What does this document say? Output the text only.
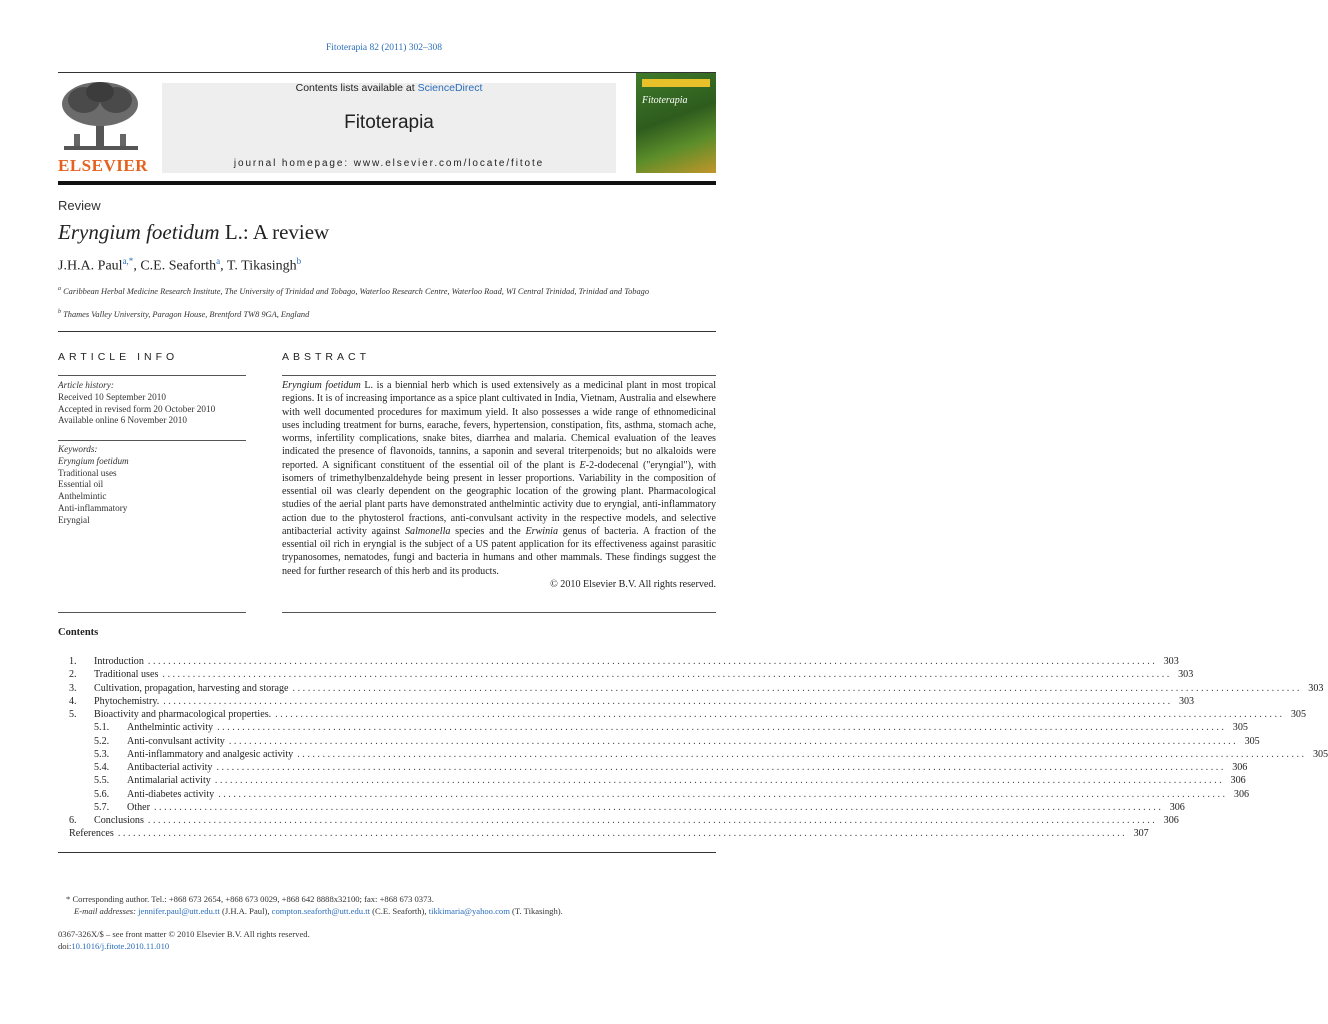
Fitoterapia 82 (2011) 302–308
ELSEVIER
Contents lists available at ScienceDirect
Fitoterapia
journal homepage: www.elsevier.com/locate/fitote
Fitoterapia
Review
Eryngium foetidum L.: A review
J.H.A. Paul$^{a,*}$, C.E. Seaforth$^a$, T. Tikasingh$^b$
$^a$ Caribbean Herbal Medicine Research Institute, The University of Trinidad and Tobago, Waterloo Research Centre, Waterloo Road, WI Central Trinidad, Trinidad and Tobago
$^b$ Thames Valley University, Paragon House, Brentford TW8 9GA, England
ARTICLE INFO
Article history:
Received 10 September 2010
Accepted in revised form 20 October 2010
Available online 6 November 2010
Keywords:
Eryngium foetidum
Traditional uses
Essential oil
Anthelmintic
Anti-inflammatory
Eryngial
ABSTRACT

Eryngium foetidum L. is a biennial herb which is used extensively as a medicinal plant in most tropical regions. It is of increasing importance as a spice plant cultivated in India, Vietnam, Australia and elsewhere with well documented procedures for maximum yield. It also possesses a wide range of ethnomedicinal uses including treatment for burns, earache, fevers, hypertension, constipation, fits, asthma, stomach ache, worms, infertility complications, snake bites, diarrhea and malaria. Chemical evaluation of the leaves indicated the presence of flavonoids, tannins, a saponin and several triterpenoids; but no alkaloids were reported. A significant constituent of the essential oil of the plant is E-2-dodecenal ("eryngial"), with isomers of trimethylbenzaldehyde being present in lesser proportions. Variability in the composition of essential oil was clearly dependent on the geographic location of the growing plant. Pharmacological studies of the aerial plant parts have demonstrated anthelmintic activity due to eryngial, anti-inflammatory action due to the phytosterol fractions, anti-convulsant activity in the respective models, and selective antibacterial activity against Salmonella species and the Erwinia genus of bacteria. A fraction of the essential oil rich in eryngial is the subject of a US patent application for its effectiveness against parasitic trypanosomes, nematodes, fungi and bacteria in humans and other mammals. These findings suggest the need for further research of this herb and its products.

© 2010 Elsevier B.V. All rights reserved.

Contents
1.	Introduction . . . . . . . . . . . . . . . . . . . . . . . . . . . . . . . . . . . . . . . . . . . . . . . . . . . . . . . . . . . . . . . . . . . . . . . . . . . . . . . . . . . . . . . . . . . . . . . . . . . . . . . . . . . . . . . . . . . . . . . . . . . . . . . . . . . . . . . . . . . . . . . . . . . . . . . . . . . . . . . . . . . . . . . . . . . . . . . . . . . . . . . . . . . . . . . . . . . . . . . . 303
2.	Traditional uses . . . . . . . . . . . . . . . . . . . . . . . . . . . . . . . . . . . . . . . . . . . . . . . . . . . . . . . . . . . . . . . . . . . . . . . . . . . . . . . . . . . . . . . . . . . . . . . . . . . . . . . . . . . . . . . . . . . . . . . . . . . . . . . . . . . . . . . . . . . . . . . . . . . . . . . . . . . . . . . . . . . . . . . . . . . . . . . . . . . . . . . . . . . . . . . . . . . . . . . . 303
3.	Cultivation, propagation, harvesting and storage . . . . . . . . . . . . . . . . . . . . . . . . . . . . . . . . . . . . . . . . . . . . . . . . . . . . . . . . . . . . . . . . . . . . . . . . . . . . . . . . . . . . . . . . . . . . . . . . . . . . . . . . . . . . . . . . . . . . . . . . . . . . . . . . . . . . . . . . . . . . . . . . . . . . . . . . . . . . . . . . . . . . . . . . . . . . . . . . . . . . . . . . . . . . . . . . . . . . . . . . 303
4.	Phytochemistry. . . . . . . . . . . . . . . . . . . . . . . . . . . . . . . . . . . . . . . . . . . . . . . . . . . . . . . . . . . . . . . . . . . . . . . . . . . . . . . . . . . . . . . . . . . . . . . . . . . . . . . . . . . . . . . . . . . . . . . . . . . . . . . . . . . . . . . . . . . . . . . . . . . . . . . . . . . . . . . . . . . . . . . . . . . . . . . . . . . . . . . . . . . . . . . . . . . . . . . . . 303
5.	Bioactivity and pharmacological properties. . . . . . . . . . . . . . . . . . . . . . . . . . . . . . . . . . . . . . . . . . . . . . . . . . . . . . . . . . . . . . . . . . . . . . . . . . . . . . . . . . . . . . . . . . . . . . . . . . . . . . . . . . . . . . . . . . . . . . . . . . . . . . . . . . . . . . . . . . . . . . . . . . . . . . . . . . . . . . . . . . . . . . . . . . . . . . . . . . . . . . . . . . . . . . . . . . . . . . . . . 305
5.1.	Anthelmintic activity . . . . . . . . . . . . . . . . . . . . . . . . . . . . . . . . . . . . . . . . . . . . . . . . . . . . . . . . . . . . . . . . . . . . . . . . . . . . . . . . . . . . . . . . . . . . . . . . . . . . . . . . . . . . . . . . . . . . . . . . . . . . . . . . . . . . . . . . . . . . . . . . . . . . . . . . . . . . . . . . . . . . . . . . . . . . . . . . . . . . . . . . . . . . . . . . . . . . . . . . 305
5.2.	Anti-convulsant activity . . . . . . . . . . . . . . . . . . . . . . . . . . . . . . . . . . . . . . . . . . . . . . . . . . . . . . . . . . . . . . . . . . . . . . . . . . . . . . . . . . . . . . . . . . . . . . . . . . . . . . . . . . . . . . . . . . . . . . . . . . . . . . . . . . . . . . . . . . . . . . . . . . . . . . . . . . . . . . . . . . . . . . . . . . . . . . . . . . . . . . . . . . . . . . . . . . . . . . . . 305
5.3.	Anti-inflammatory and analgesic activity . . . . . . . . . . . . . . . . . . . . . . . . . . . . . . . . . . . . . . . . . . . . . . . . . . . . . . . . . . . . . . . . . . . . . . . . . . . . . . . . . . . . . . . . . . . . . . . . . . . . . . . . . . . . . . . . . . . . . . . . . . . . . . . . . . . . . . . . . . . . . . . . . . . . . . . . . . . . . . . . . . . . . . . . . . . . . . . . . . . . . . . . . . . . . . . . . . . . . . . . 305
5.4.	Antibacterial activity . . . . . . . . . . . . . . . . . . . . . . . . . . . . . . . . . . . . . . . . . . . . . . . . . . . . . . . . . . . . . . . . . . . . . . . . . . . . . . . . . . . . . . . . . . . . . . . . . . . . . . . . . . . . . . . . . . . . . . . . . . . . . . . . . . . . . . . . . . . . . . . . . . . . . . . . . . . . . . . . . . . . . . . . . . . . . . . . . . . . . . . . . . . . . . . . . . . . . . . . 306
5.5.	Antimalarial activity . . . . . . . . . . . . . . . . . . . . . . . . . . . . . . . . . . . . . . . . . . . . . . . . . . . . . . . . . . . . . . . . . . . . . . . . . . . . . . . . . . . . . . . . . . . . . . . . . . . . . . . . . . . . . . . . . . . . . . . . . . . . . . . . . . . . . . . . . . . . . . . . . . . . . . . . . . . . . . . . . . . . . . . . . . . . . . . . . . . . . . . . . . . . . . . . . . . . . . . . 306
5.6.	Anti-diabetes activity . . . . . . . . . . . . . . . . . . . . . . . . . . . . . . . . . . . . . . . . . . . . . . . . . . . . . . . . . . . . . . . . . . . . . . . . . . . . . . . . . . . . . . . . . . . . . . . . . . . . . . . . . . . . . . . . . . . . . . . . . . . . . . . . . . . . . . . . . . . . . . . . . . . . . . . . . . . . . . . . . . . . . . . . . . . . . . . . . . . . . . . . . . . . . . . . . . . . . . . . 306
5.7.	Other . . . . . . . . . . . . . . . . . . . . . . . . . . . . . . . . . . . . . . . . . . . . . . . . . . . . . . . . . . . . . . . . . . . . . . . . . . . . . . . . . . . . . . . . . . . . . . . . . . . . . . . . . . . . . . . . . . . . . . . . . . . . . . . . . . . . . . . . . . . . . . . . . . . . . . . . . . . . . . . . . . . . . . . . . . . . . . . . . . . . . . . . . . . . . . . . . . . . . . . . 306
6.	Conclusions . . . . . . . . . . . . . . . . . . . . . . . . . . . . . . . . . . . . . . . . . . . . . . . . . . . . . . . . . . . . . . . . . . . . . . . . . . . . . . . . . . . . . . . . . . . . . . . . . . . . . . . . . . . . . . . . . . . . . . . . . . . . . . . . . . . . . . . . . . . . . . . . . . . . . . . . . . . . . . . . . . . . . . . . . . . . . . . . . . . . . . . . . . . . . . . . . . . . . . . . 306
References . . . . . . . . . . . . . . . . . . . . . . . . . . . . . . . . . . . . . . . . . . . . . . . . . . . . . . . . . . . . . . . . . . . . . . . . . . . . . . . . . . . . . . . . . . . . . . . . . . . . . . . . . . . . . . . . . . . . . . . . . . . . . . . . . . . . . . . . . . . . . . . . . . . . . . . . . . . . . . . . . . . . . . . . . . . . . . . . . . . . . . . . . . . . . . . . . . . . . . . . 307
* Corresponding author. Tel.: +868 673 2654, +868 673 0029, +868 642 8888x32100; fax: +868 673 0373.
E-mail addresses: jennifer.paul@utt.edu.tt (J.H.A. Paul), compton.seaforth@utt.edu.tt (C.E. Seaforth), tikkimaria@yahoo.com (T. Tikasingh).
0367-326X/$ – see front matter © 2010 Elsevier B.V. All rights reserved.
doi:10.1016/j.fitote.2010.11.010
